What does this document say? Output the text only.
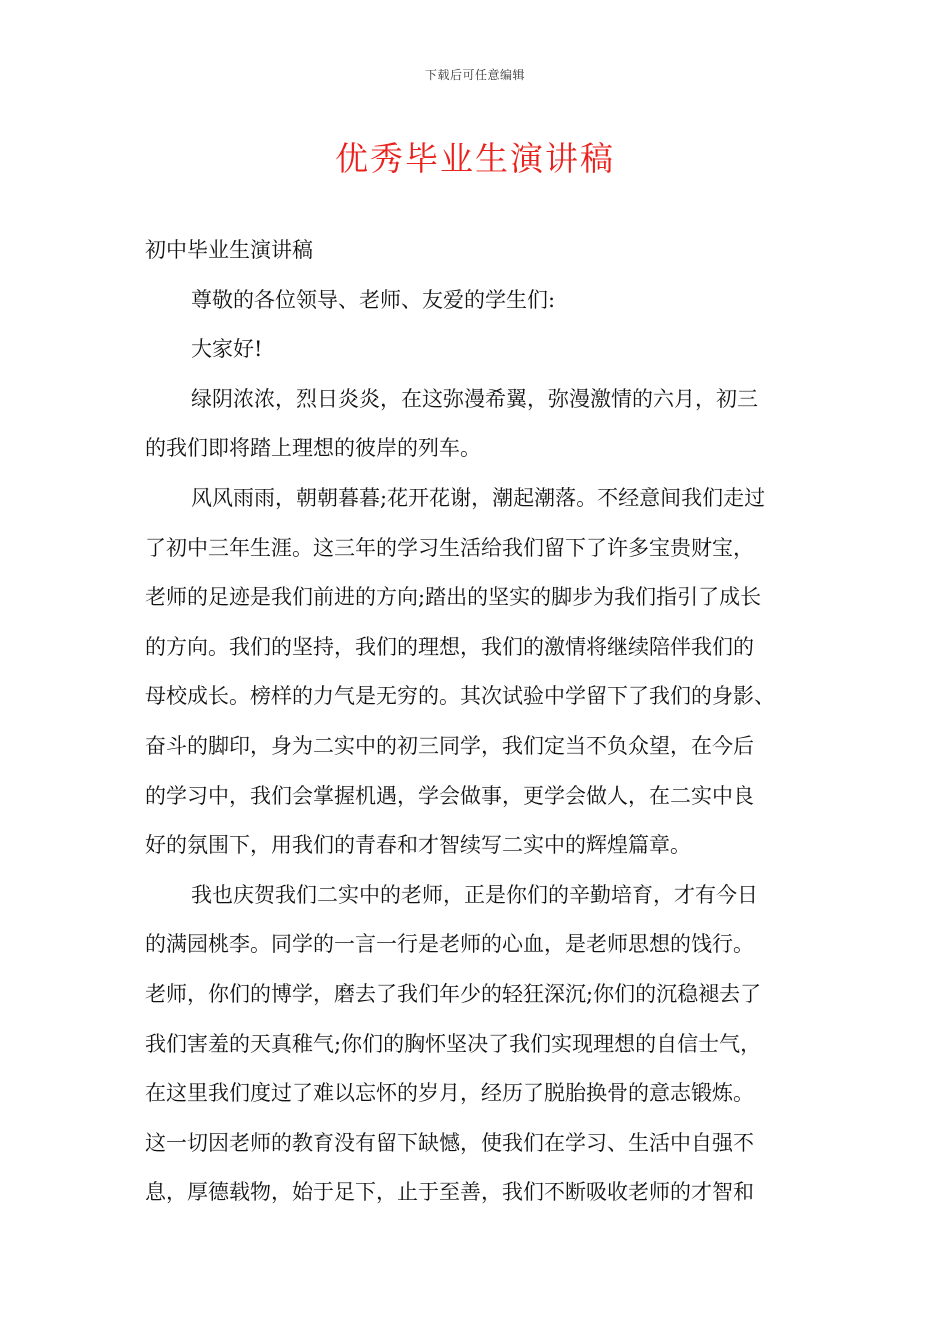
下载后可任意编辑
优秀毕业生演讲稿
初中毕业生演讲稿
尊敬的各位领导、老师、友爱的学生们:
大家好!

绿阴浓浓，烈日炎炎，在这弥漫希翼，弥漫激情的六月，初三
的我们即将踏上理想的彼岸的列车。

风风雨雨，朝朝暮暮;花开花谢，潮起潮落。不经意间我们走过
了初中三年生涯。这三年的学习生活给我们留下了许多宝贵财宝，
老师的足迹是我们前进的方向;踏出的坚实的脚步为我们指引了成长
的方向。我们的坚持，我们的理想，我们的激情将继续陪伴我们的
母校成长。榜样的力气是无穷的。其次试验中学留下了我们的身影、
奋斗的脚印，身为二实中的初三同学，我们定当不负众望，在今后
的学习中，我们会掌握机遇，学会做事，更学会做人，在二实中良
好的氛围下，用我们的青春和才智续写二实中的辉煌篇章。

我也庆贺我们二实中的老师，正是你们的辛勤培育，才有今日
的满园桃李。同学的一言一行是老师的心血，是老师思想的饯行。
老师，你们的博学，磨去了我们年少的轻狂深沉;你们的沉稳褪去了
我们害羞的天真稚气;你们的胸怀坚决了我们实现理想的自信士气，
在这里我们度过了难以忘怀的岁月，经历了脱胎换骨的意志锻炼。
这一切因老师的教育没有留下缺憾，使我们在学习、生活中自强不
息，厚德载物，始于足下，止于至善，我们不断吸收老师的才智和
